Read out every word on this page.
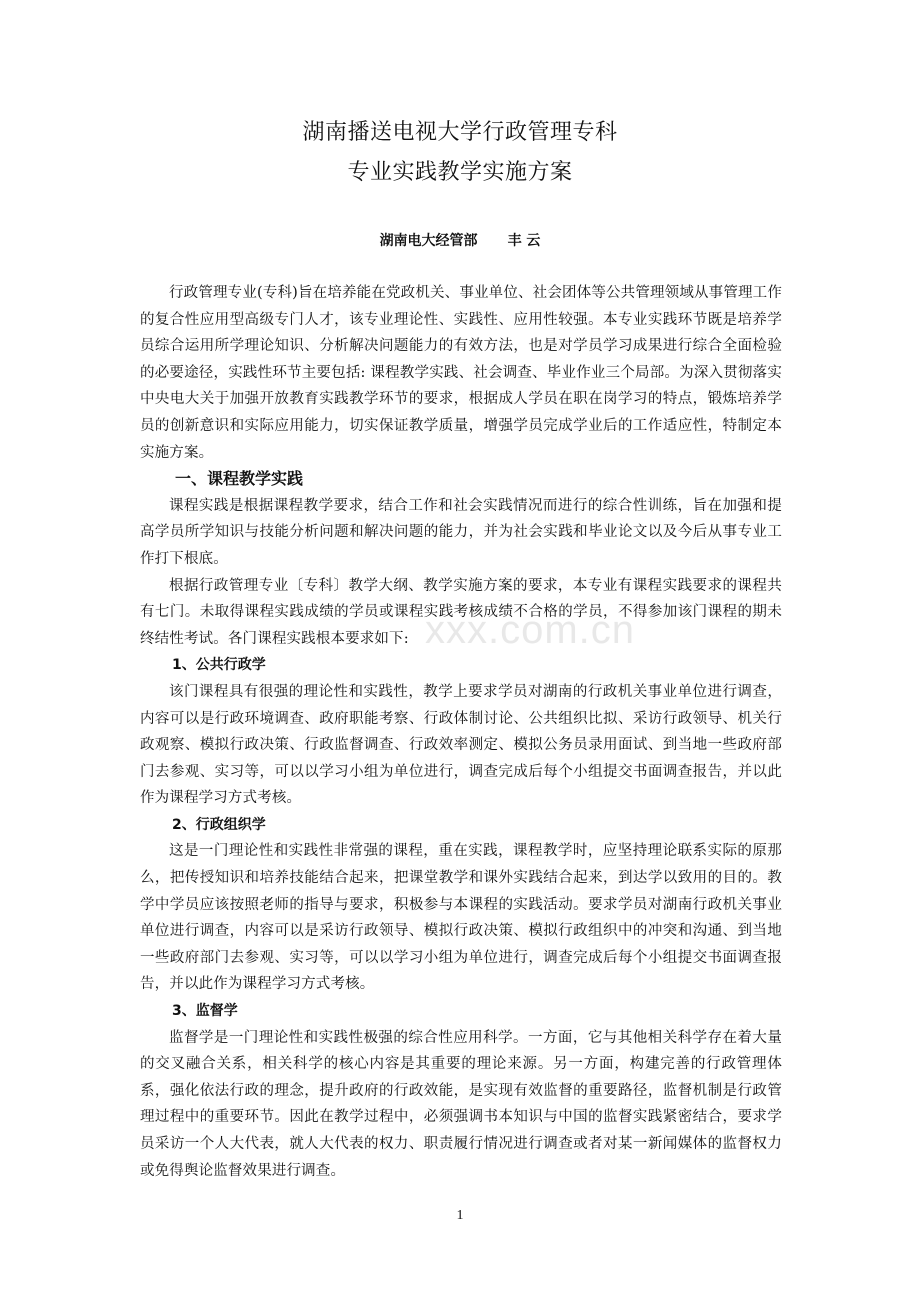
湖南播送电视大学行政管理专科
专业实践教学实施方案
湖南电大经管部 丰 云

行政管理专业(专科)旨在培养能在党政机关、事业单位、社会团体等公共管理领域从事管理工作的复合性应用型高级专门人才，该专业理论性、实践性、应用性较强。本专业实践环节既是培养学员综合运用所学理论知识、分析解决问题能力的有效方法，也是对学员学习成果进行综合全面检验的必要途径，实践性环节主要包括: 课程教学实践、社会调查、毕业作业三个局部。为深入贯彻落实中央电大关于加强开放教育实践教学环节的要求，根据成人学员在职在岗学习的特点，锻炼培养学员的创新意识和实际应用能力，切实保证教学质量，增强学员完成学业后的工作适应性，特制定本实施方案。

一、课程教学实践

课程实践是根据课程教学要求，结合工作和社会实践情况而进行的综合性训练，旨在加强和提高学员所学知识与技能分析问题和解决问题的能力，并为社会实践和毕业论文以及今后从事专业工作打下根底。

根据行政管理专业〔专科〕教学大纲、教学实施方案的要求，本专业有课程实践要求的课程共有七门。未取得课程实践成绩的学员或课程实践考核成绩不合格的学员，不得参加该门课程的期未终结性考试。各门课程实践根本要求如下:

1、公共行政学

该门课程具有很强的理论性和实践性，教学上要求学员对湖南的行政机关事业单位进行调查，内容可以是行政环境调查、政府职能考察、行政体制讨论、公共组织比拟、采访行政领导、机关行政观察、模拟行政决策、行政监督调查、行政效率测定、模拟公务员录用面试、到当地一些政府部门去参观、实习等，可以以学习小组为单位进行，调查完成后每个小组提交书面调查报告，并以此作为课程学习方式考核。

2、行政组织学

这是一门理论性和实践性非常强的课程，重在实践，课程教学时，应坚持理论联系实际的原那么，把传授知识和培养技能结合起来，把课堂教学和课外实践结合起来，到达学以致用的目的。教学中学员应该按照老师的指导与要求，积极参与本课程的实践活动。要求学员对湖南行政机关事业单位进行调查，内容可以是采访行政领导、模拟行政决策、模拟行政组织中的冲突和沟通、到当地一些政府部门去参观、实习等，可以以学习小组为单位进行，调查完成后每个小组提交书面调查报告，并以此作为课程学习方式考核。

3、监督学

监督学是一门理论性和实践性极强的综合性应用科学。一方面，它与其他相关科学存在着大量的交叉融合关系，相关科学的核心内容是其重要的理论来源。另一方面，构建完善的行政管理体系，强化依法行政的理念，提升政府的行政效能，是实现有效监督的重要路径，监督机制是行政管理过程中的重要环节。因此在教学过程中，必须强调书本知识与中国的监督实践紧密结合，要求学员采访一个人大代表，就人大代表的权力、职责履行情况进行调查或者对某一新闻媒体的监督权力或免得舆论监督效果进行调查。

xxx.com.cn
1
